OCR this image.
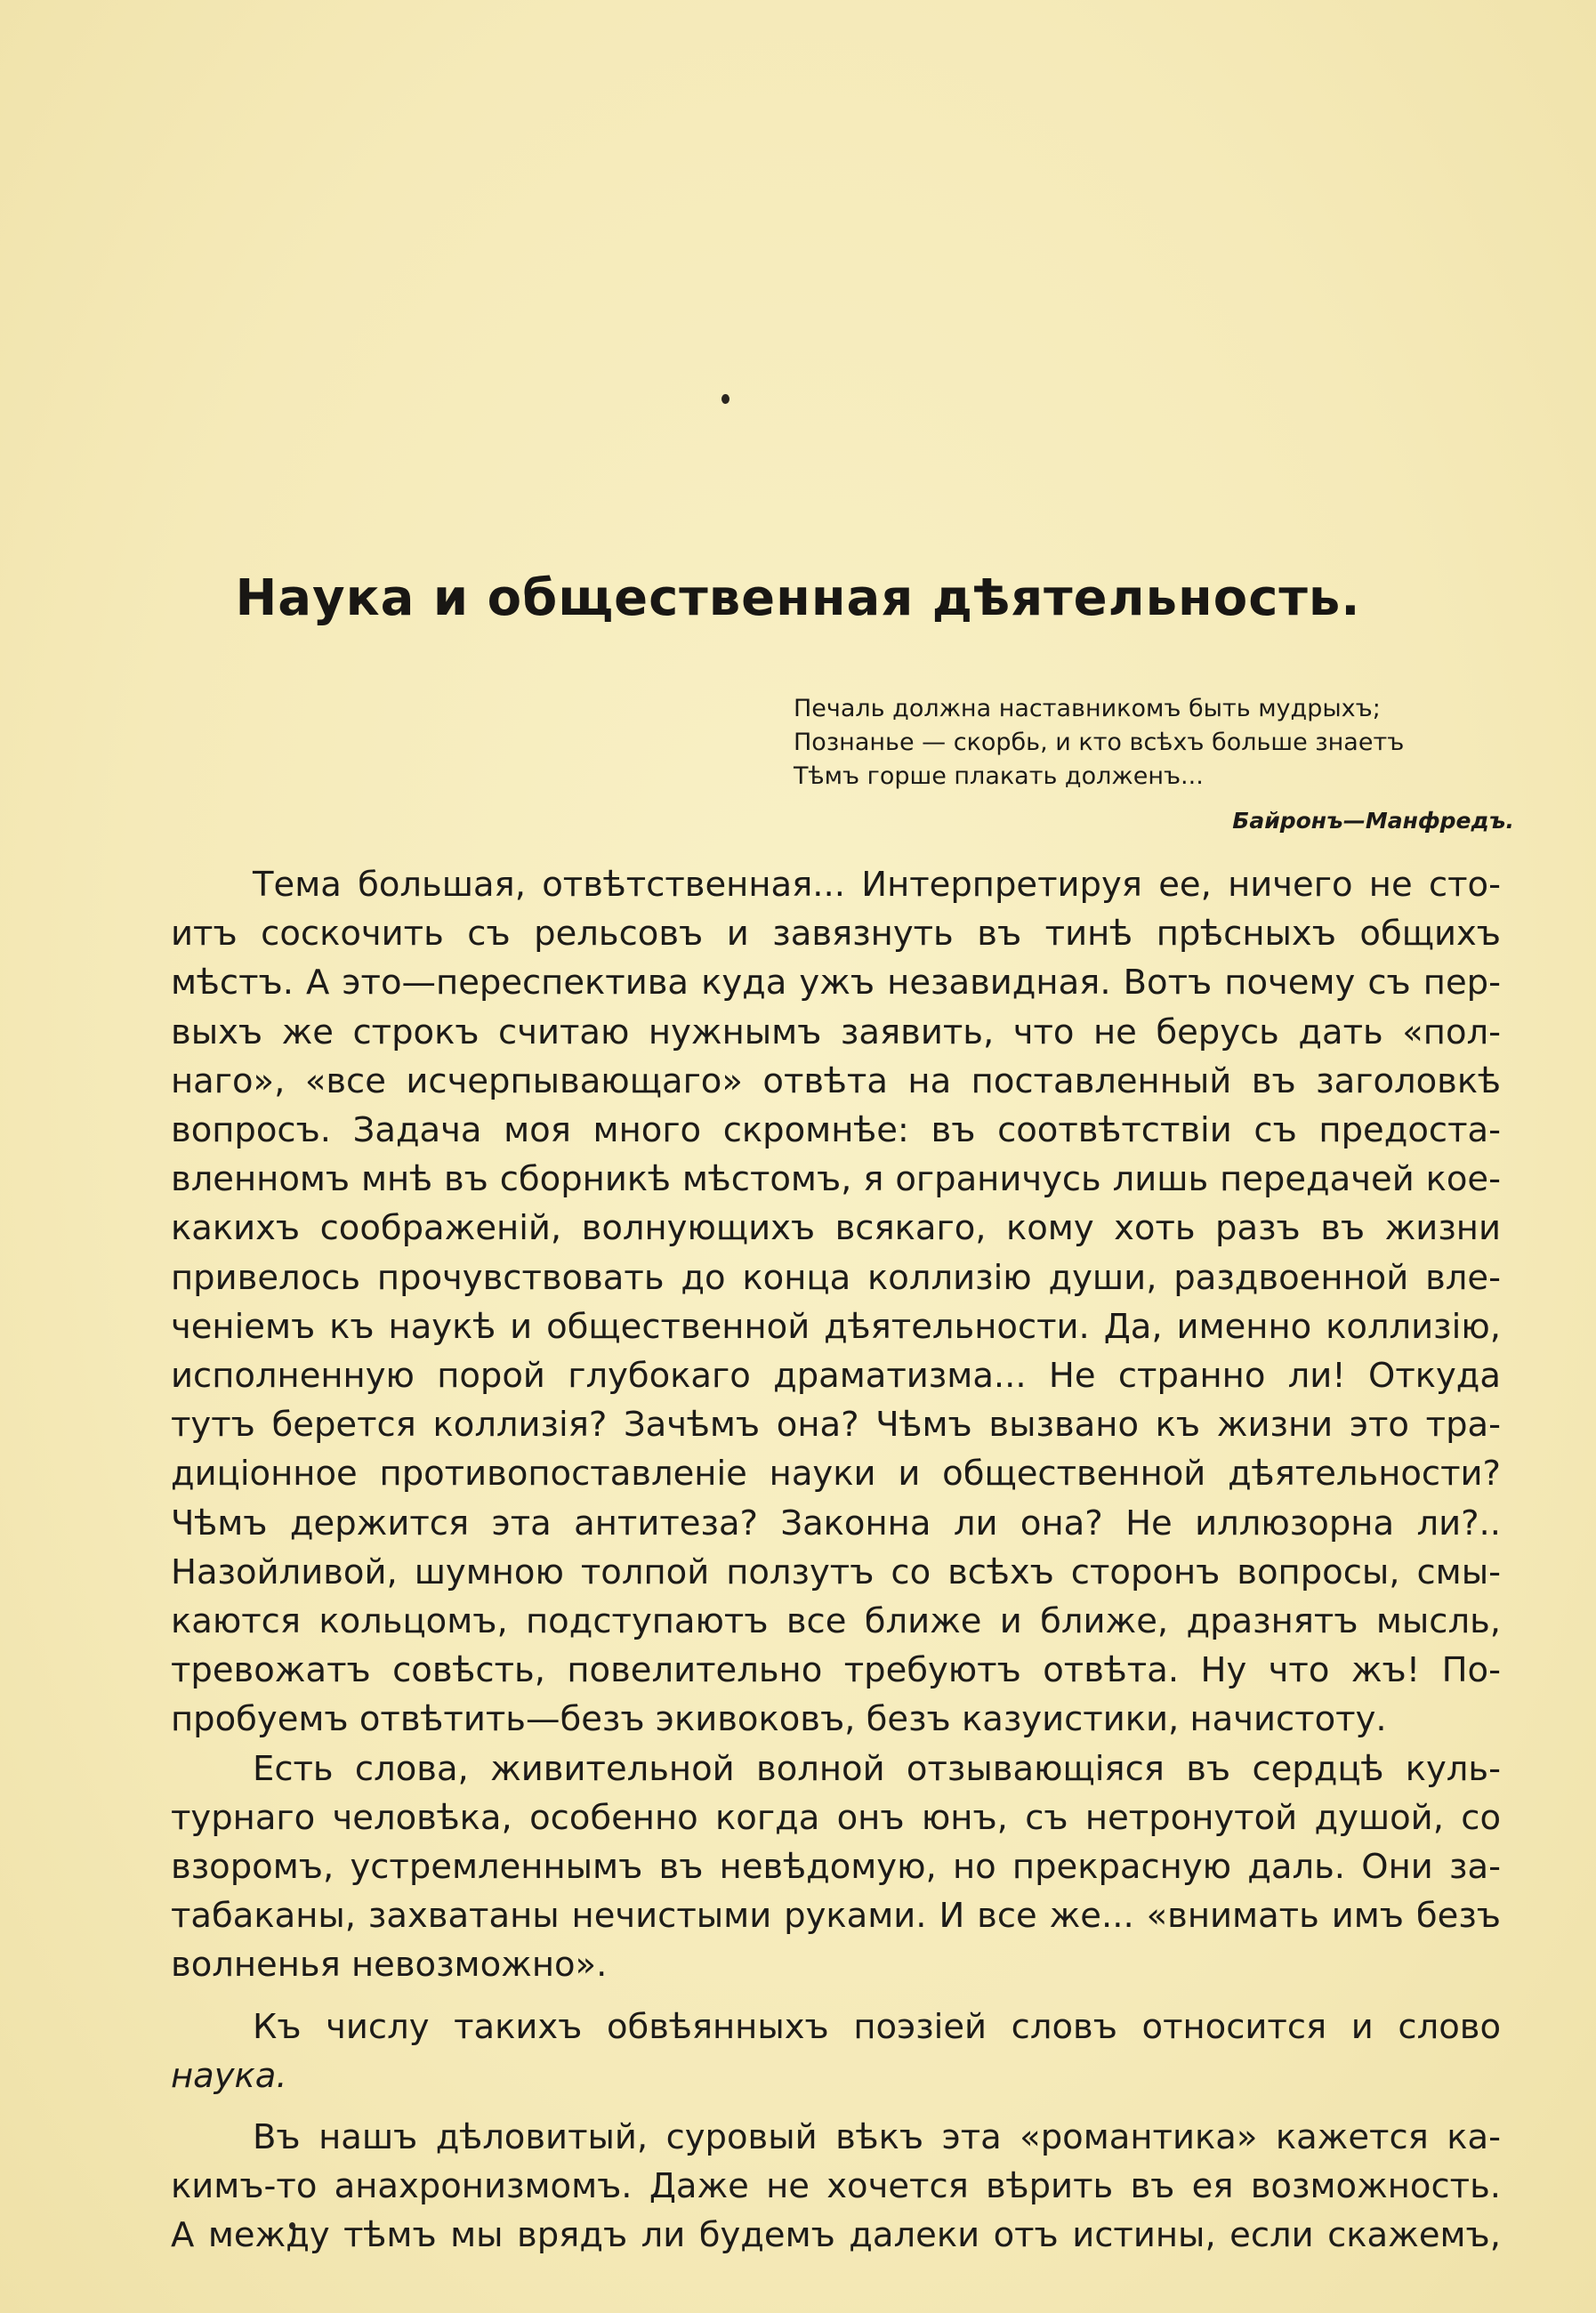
Наука и общественная дѣятельность.
Печаль должна наставникомъ быть мудрыхъ;
Познанье — скорбь, и кто всѣхъ больше знаетъ
Тѣмъ горше плакать долженъ...
Байронъ—Манфредъ.
Тема большая, отвѣтственная... Интерпретируя ее, ничего не сто-
итъ соскочить съ рельсовъ и завязнуть въ тинѣ прѣсныхъ общихъ
мѣстъ. А это—переспектива куда ужъ незавидная. Вотъ почему съ пер-
выхъ же строкъ считаю нужнымъ заявить, что не берусь дать «пол-
наго», «все исчерпывающаго» отвѣта на поставленный въ заголовкѣ
вопросъ. Задача моя много скромнѣе: въ соотвѣтствiи съ предоста-
вленномъ мнѣ въ сборникѣ мѣстомъ, я ограничусь лишь передачей кое-
какихъ соображенiй, волнующихъ всякаго, кому хоть разъ въ жизни
привелось прочувствовать до конца коллизiю души, раздвоенной вле-
ченiемъ къ наукѣ и общественной дѣятельности. Да, именно коллизiю,
исполненную порой глубокаго драматизма... Не странно ли! Откуда
тутъ берется коллизiя? Зачѣмъ она? Чѣмъ вызвано къ жизни это тра-
дицiонное противопоставленiе науки и общественной дѣятельности?
Чѣмъ держится эта антитеза? Законна ли она? Не иллюзорна ли?..
Назойливой, шумною толпой ползутъ со всѣхъ сторонъ вопросы, смы-
каются кольцомъ, подступаютъ все ближе и ближе, дразнятъ мысль,
тревожатъ совѣсть, повелительно требуютъ отвѣта. Ну что жъ! По-
пробуемъ отвѣтить—безъ экивоковъ, безъ казуистики, начистоту.
Есть слова, живительной волной отзывающiяся въ сердцѣ куль-
турнаго человѣка, особенно когда онъ юнъ, съ нетронутой душой, со
взоромъ, устремленнымъ въ невѣдомую, но прекрасную даль. Они за-
табаканы, захватаны нечистыми руками. И все же... «внимать имъ безъ
волненья невозможно».
Къ числу такихъ обвѣянныхъ поэзiей словъ относится и слово
наука.
Въ нашъ дѣловитый, суровый вѣкъ эта «романтика» кажется ка-
кимъ-то анахронизмомъ. Даже не хочется вѣрить въ ея возможность.
А между тѣмъ мы врядъ ли будемъ далеки отъ истины, если скажемъ,
